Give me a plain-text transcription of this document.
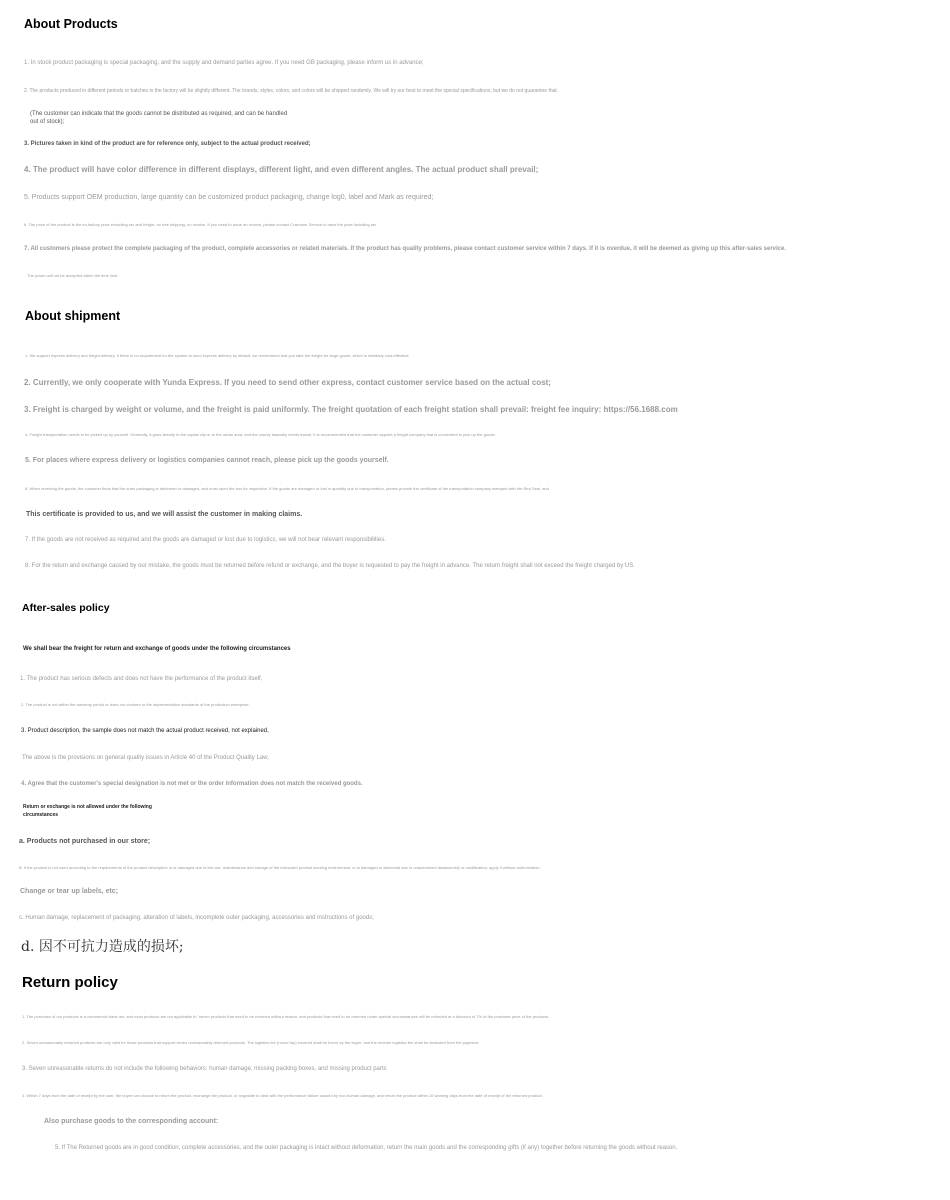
About Products

1. In stock product packaging is special packaging, and the supply and demand parties agree. If you need GB packaging, please inform us in advance;

2. The products produced in different periods or batches in the factory will be slightly different. The brands, styles, colors, and colors will be shipped randomly. We will try our best to meet the special specifications, but we do not guarantee that

(The customer can indicate that the goods cannot be distributed as required, and can be handled

out of stock);

3. Pictures taken in kind of the product are for reference only, subject to the actual product received;

4. The product will have color difference in different displays, different light, and even different angles. The actual product shall prevail;

5. Products support OEM production, large quantity can be customized product packaging, change log0, label and Mark as required;

6. The price of the product is the ex-factory price excluding tax and freight, no free shipping, no invoice. If you need to issue an invoice, please contact Customer Service to have the price including tax.

7. All customers please protect the complete packaging of the product, complete accessories or related materials. If the product has quality problems, please contact customer service within 7 days. If it is overdue, it will be deemed as giving up this after-sales service.

The power will not be accepted within the time limit.

About shipment

1. We support express delivery and freight delivery. If there is no requirement for the system to send express delivery by default, we recommend that you take the freight for large goods, which is relatively cost-effective;

2. Currently, we only cooperate with Yunda Express. If you need to send other express, contact customer service based on the actual cost;

3. Freight is charged by weight or volume, and the freight is paid uniformly. The freight quotation of each freight station shall prevail: freight fee inquiry: https://56.1688.com

4. Freight transportation needs to be picked up by yourself. Generally, it goes directly to the capital city or to the urban area, and the county basically needs transit. It is recommended that the customer appoint a freight company that is convenient to pick up the goods.

5. For places where express delivery or logistics companies cannot reach, please pick up the goods yourself.

6. When receiving the goods, the customer finds that the outer packaging is deformed or damaged, and must open the box for inspection. If the goods are damaged or lost in quantity due to transportation, please provide the certificate of the transportation company stamped with the Red Seal, and

This certificate is provided to us, and we will assist the customer in making claims.

7. If the goods are not received as required and the goods are damaged or lost due to logistics, we will not bear relevant responsibilities.

8. For the return and exchange caused by our mistake, the goods must be returned before refund or exchange, and the buyer is requested to pay the freight in advance. The return freight shall not exceed the freight charged by US.

After-sales policy

We shall bear the freight for return and exchange of goods under the following circumstances

1. The product has serious defects and does not have the performance of the product itself,

2. The product is not within the warranty period or does not conform to the implementation standards of the production enterprise,

3. Product description, the sample does not match the actual product received, not explained,

The above is the provisions on general quality issues in Article 40 of the Product Quality Law,

4. Agree that the customer's special designation is not met or the order information does not match the received goods.

Return or exchange is not allowed under the following

circumstances

a. Products not purchased in our store;

B. If the product is not used according to the requirements of the product description or is damaged due to the use, maintenance and storage of the instructed product working environment, or is damaged or abnormal due to unauthorized disassembly or modification, apply it without authorization.

Change or tear up labels, etc;

c. Human damage, replacement of packaging, alteration of labels, incomplete outer packaging, accessories and instructions of goods;

d. 因不可抗力造成的损坏;

Return policy

1. The purchase of our products is a commercial trade act, and most products are not applicable to "seven products that need to be returned without reason, and products that need to be returned under special circumstances will be refunded at a discount of 7% of the purchase price of the products.

2. Seven unreasonably returned products are only valid for those products that support seven unreasonably returned products. The logistics fee (round trip) incurred shall be borne by the buyer, and the reverse logistics fee shall be deducted from the payment.

3. Seven unreasonable returns do not include the following behaviors: human damage, missing packing boxes, and missing product parts

4. Within 7 days from the date of receipt by the user, the buyer can choose to return the product, exchange the product, or negotiate to deal with the performance failure caused by non-human damage, and return the product within 10 working days from the date of receipt of the returned product.

Also purchase goods to the corresponding account:

5. If The Returned goods are in good condition, complete accessories, and the outer packaging is intact without deformation, return the main goods and the corresponding gifts (if any) together before returning the goods without reason.
